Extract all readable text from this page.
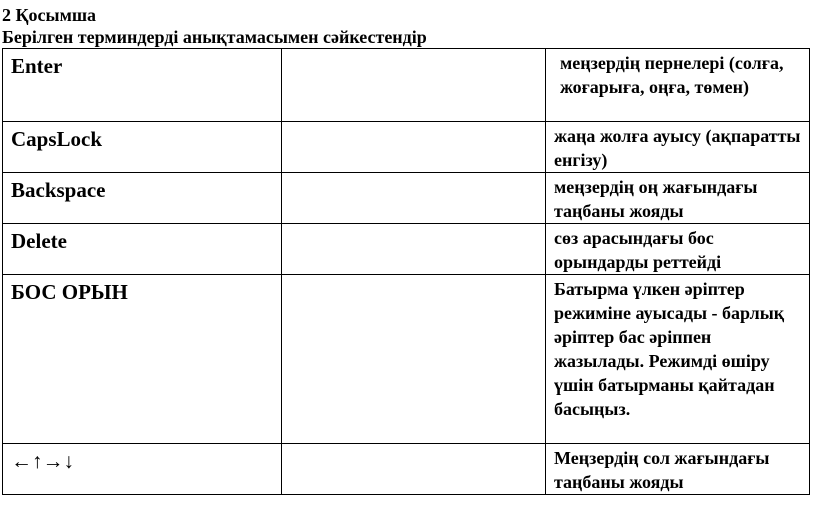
2 Қосымша
Берілген терминдерді анықтамасымен сәйкестендір
Enter		меңзердің пернелері (солға, жоғарыға, оңға, төмен)
CapsLock		жаңа жолға ауысу (ақпаратты енгізу)
Backspace		меңзердің оң жағындағы таңбаны жояды
Delete		сөз арасындағы бос орындарды реттейді
БОС ОРЫН		Батырма үлкен әріптер режиміне ауысады - барлық әріптер бас әріппен жазылады. Режимді өшіру үшін батырманы қайтадан басыңыз.
←↑→↓		Меңзердің сол жағындағы таңбаны жояды
